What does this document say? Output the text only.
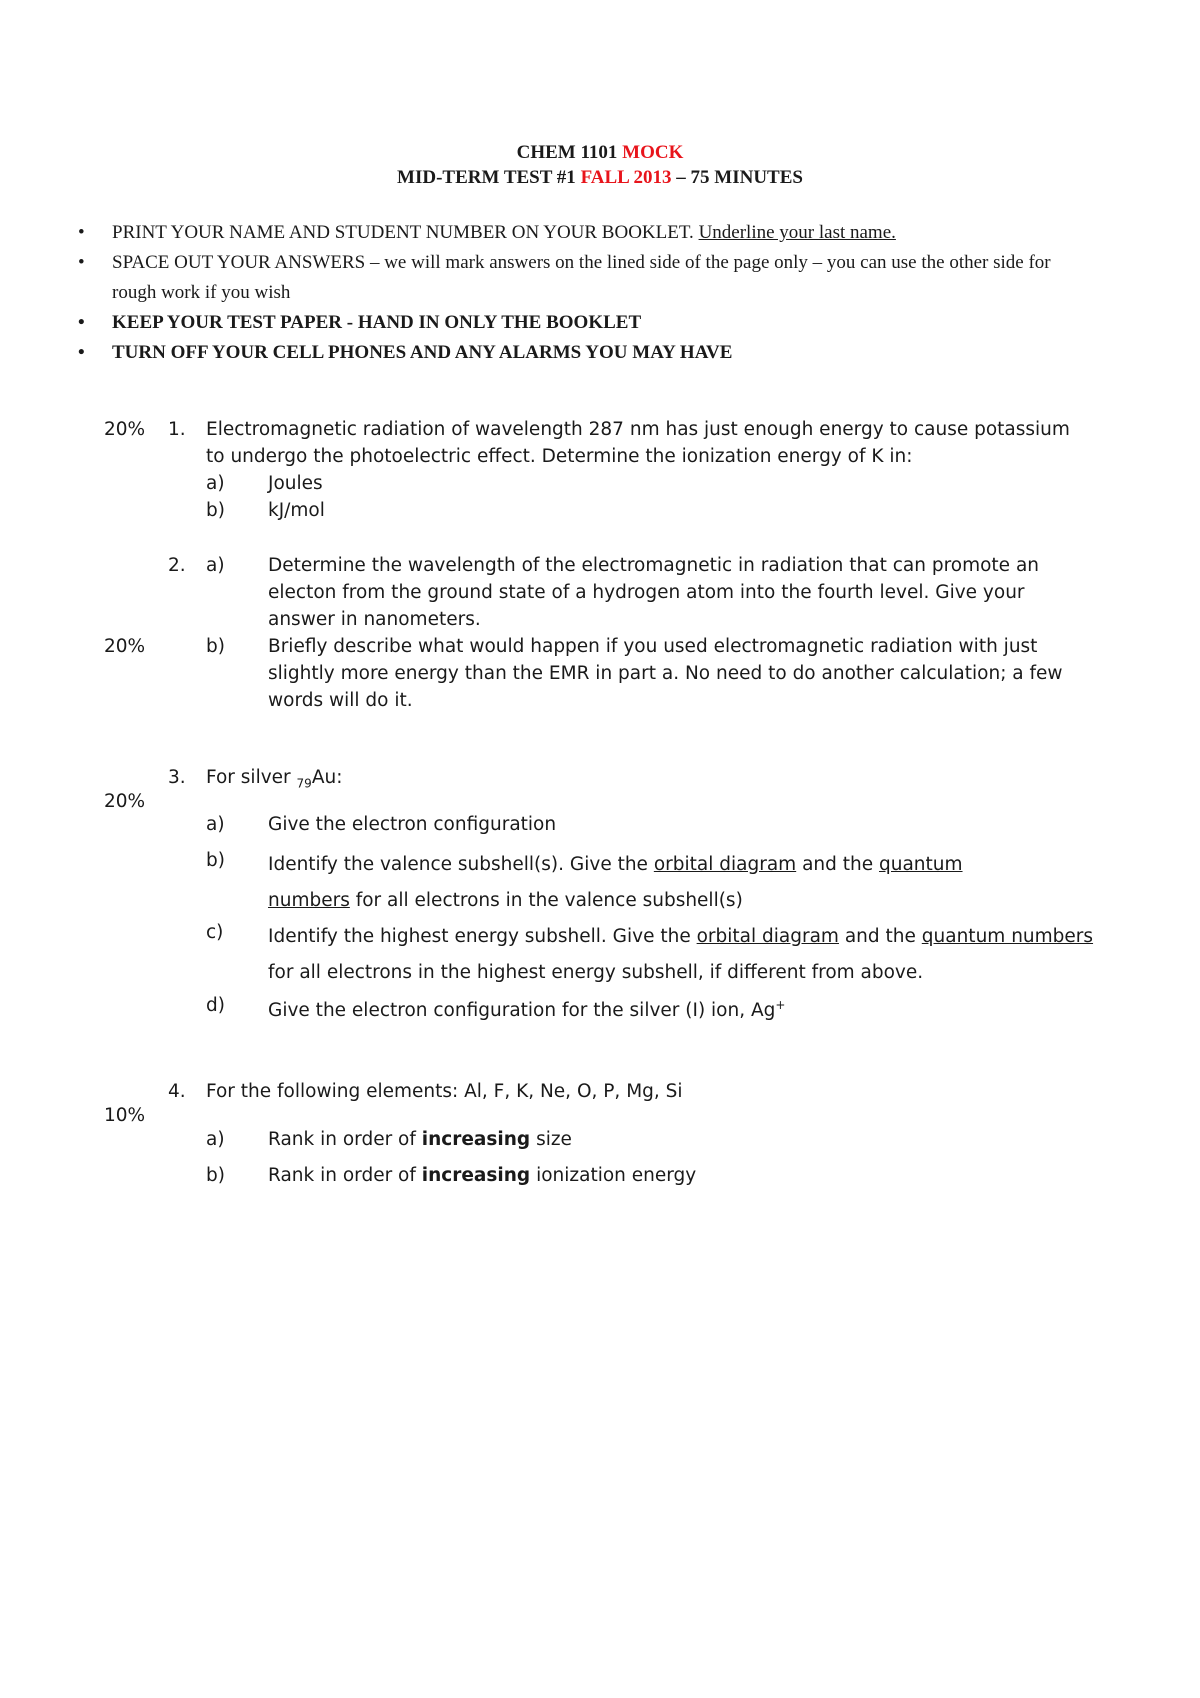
CHEM 1101 MOCK
MID-TERM TEST #1 FALL 2013 – 75 MINUTES
• PRINT YOUR NAME AND STUDENT NUMBER ON YOUR BOOKLET. Underline your last name.
• SPACE OUT YOUR ANSWERS – we will mark answers on the lined side of the page only – you can use the other side for rough work if you wish
• KEEP YOUR TEST PAPER - HAND IN ONLY THE BOOKLET
• TURN OFF YOUR CELL PHONES AND ANY ALARMS YOU MAY HAVE
20% 1. Electromagnetic radiation of wavelength 287 nm has just enough energy to cause potassium to undergo the photoelectric effect. Determine the ionization energy of K in:
a) Joules
b) kJ/mol
2. a) Determine the wavelength of the electromagnetic in radiation that can promote an electon from the ground state of a hydrogen atom into the fourth level. Give your answer in nanometers.
20%	b) Briefly describe what would happen if you used electromagnetic radiation with just slightly more energy than the EMR in part a. No need to do another calculation; a few words will do it.
3. For silver $_{79}$Au:
20%
a) Give the electron configuration
b) Identify the valence subshell(s). Give the orbital diagram and the quantum numbers for all electrons in the valence subshell(s)
c) Identify the highest energy subshell. Give the orbital diagram and the quantum numbers for all electrons in the highest energy subshell, if different from above.
d) Give the electron configuration for the silver (I) ion, Ag+
4. For the following elements: Al, F, K, Ne, O, P, Mg, Si
10%
a) Rank in order of increasing size
b) Rank in order of increasing ionization energy
